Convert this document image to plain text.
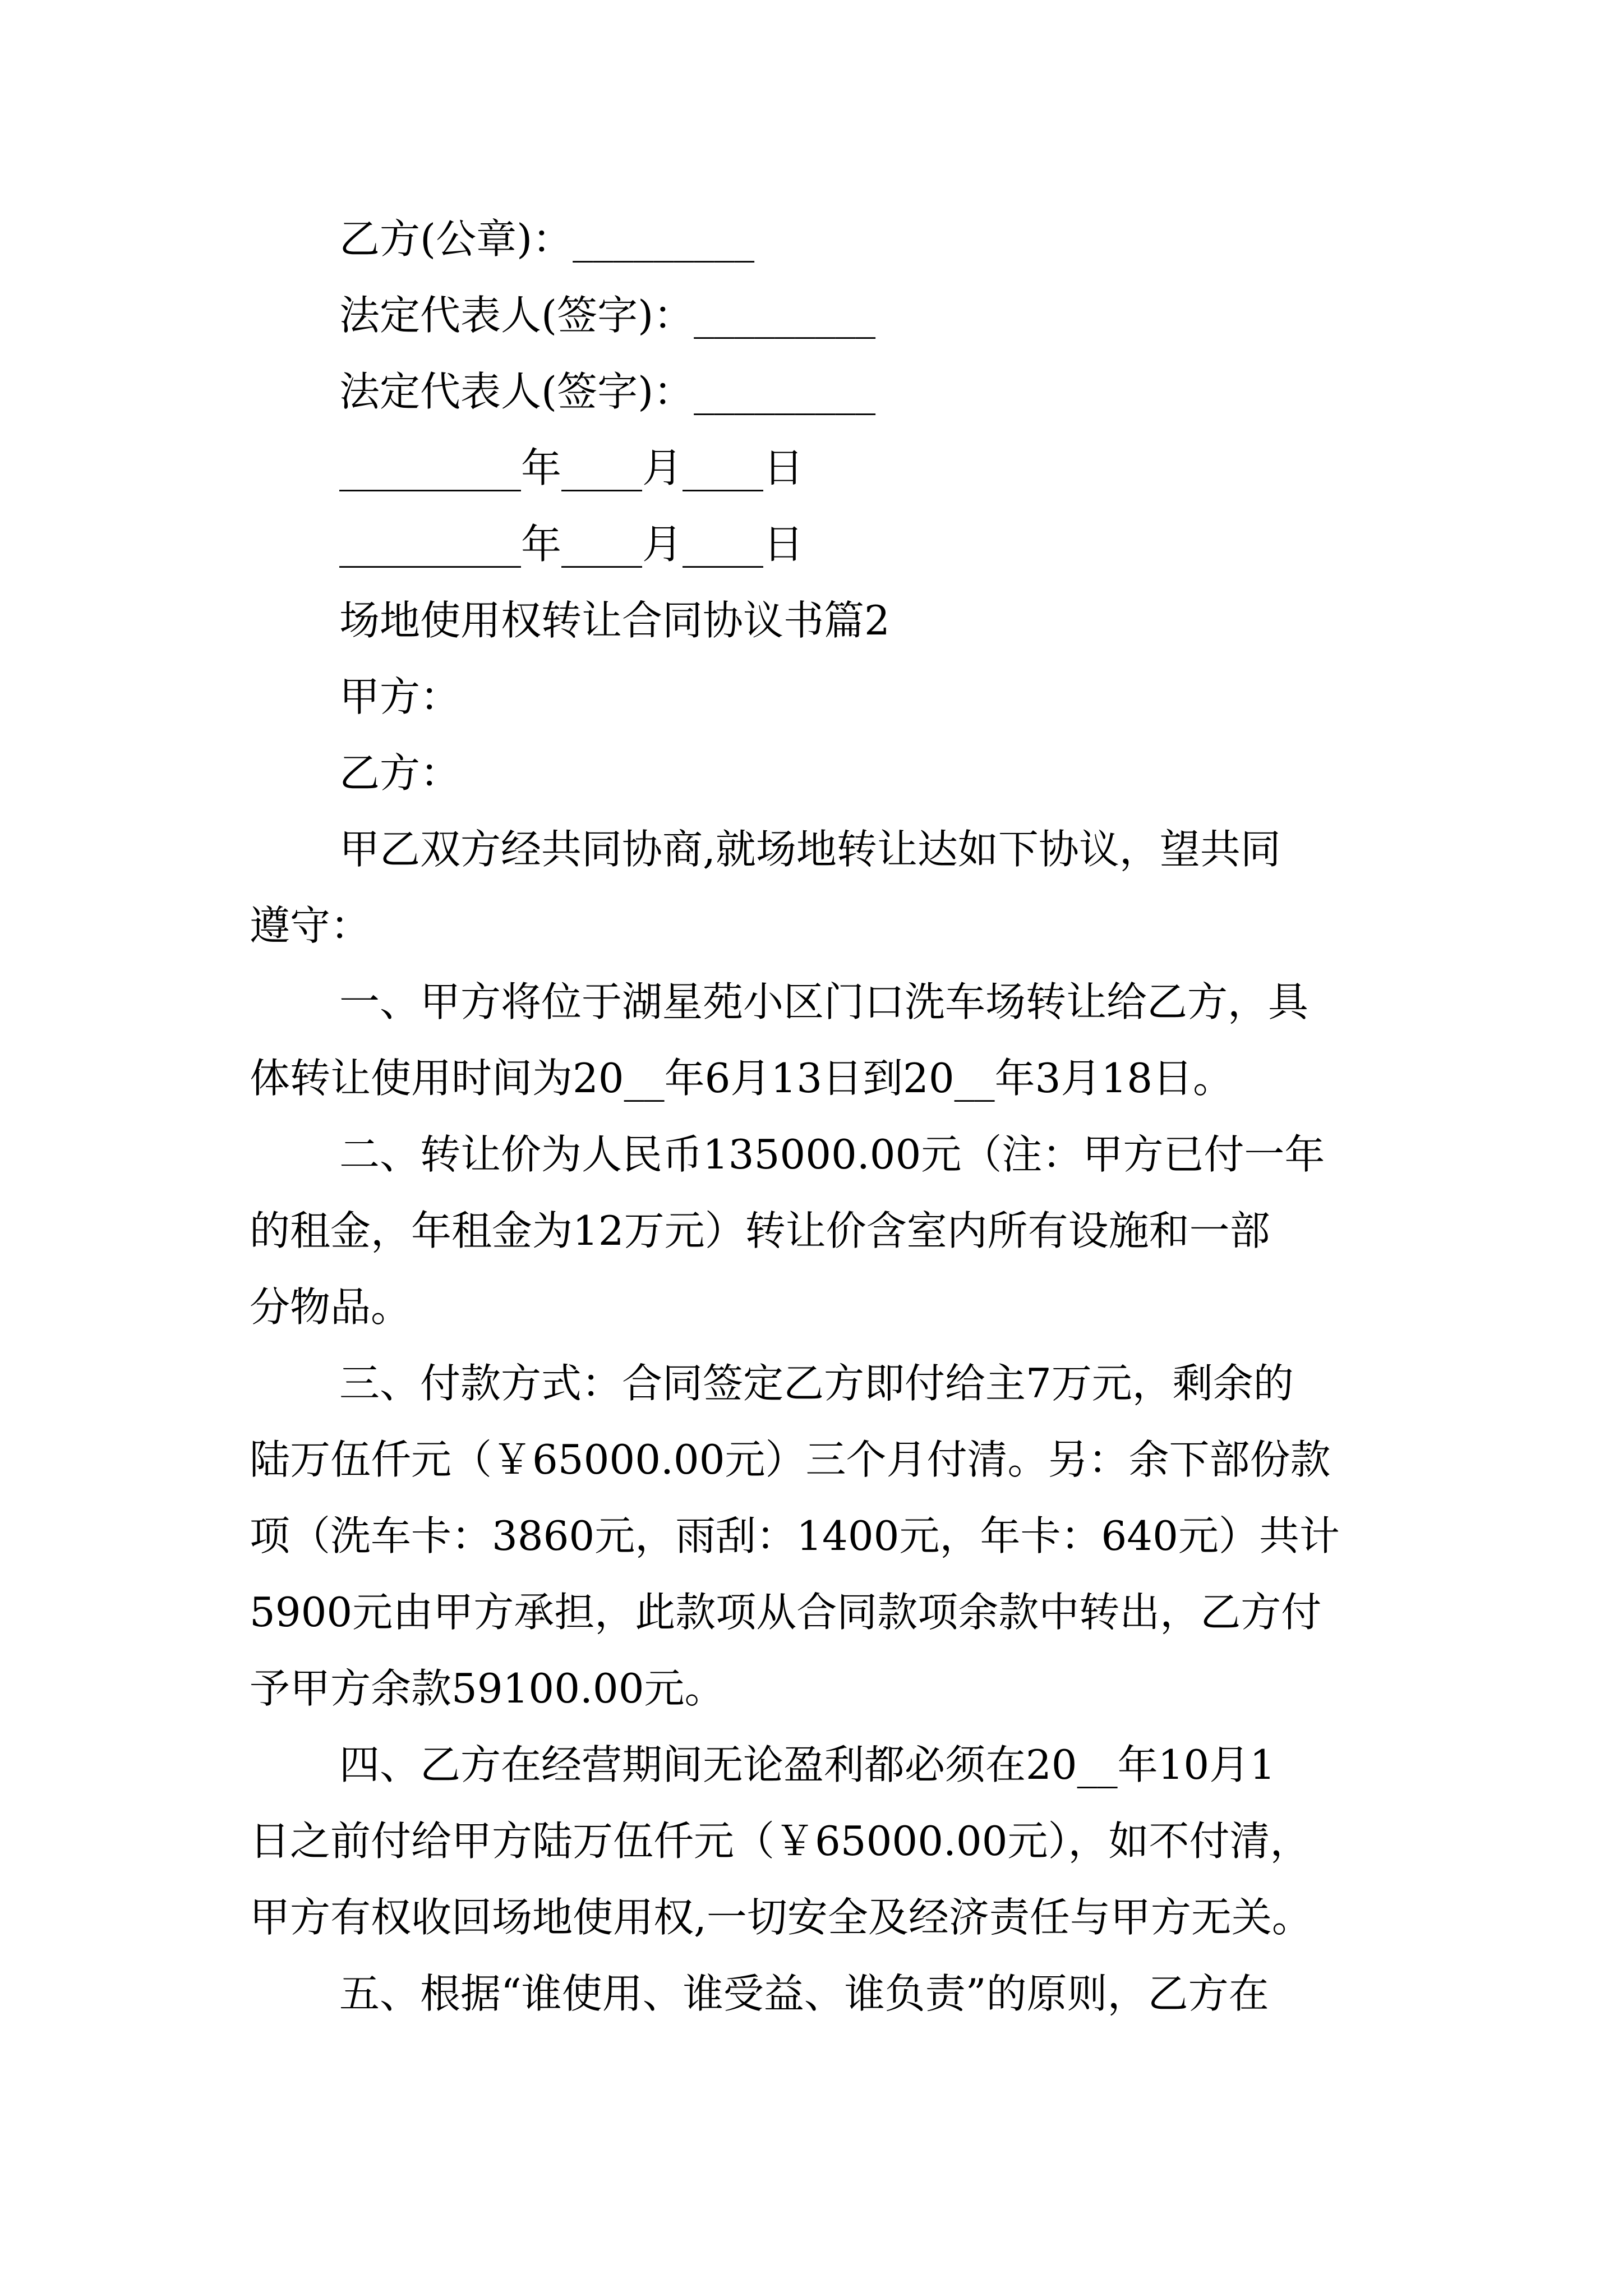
乙方(公章)：_________
法定代表人(签字)：_________
法定代表人(签字)：_________
_________年____月____日
_________年____月____日
场地使用权转让合同协议书篇2
甲方：
乙方：
甲乙双方经共同协商,就场地转让达如下协议，望共同
遵守：
一、甲方将位于湖星苑小区门口洗车场转让给乙方，具
体转让使用时间为20__年6月13日到20__年3月18日。
二、转让价为人民币135000.00元（注：甲方已付一年
的租金，年租金为12万元）转让价含室内所有设施和一部
分物品。
三、付款方式：合同签定乙方即付给主7万元，剩余的
陆万伍仟元（￥65000.00元）三个月付清。另：余下部份款
项（洗车卡：3860元，雨刮：1400元，年卡：640元）共计
5900元由甲方承担，此款项从合同款项余款中转出，乙方付
予甲方余款59100.00元。
四、乙方在经营期间无论盈利都必须在20__年10月1
日之前付给甲方陆万伍仟元（￥65000.00元），如不付清，
甲方有权收回场地使用权,一切安全及经济责任与甲方无关。
五、根据“谁使用、谁受益、谁负责”的原则，乙方在
